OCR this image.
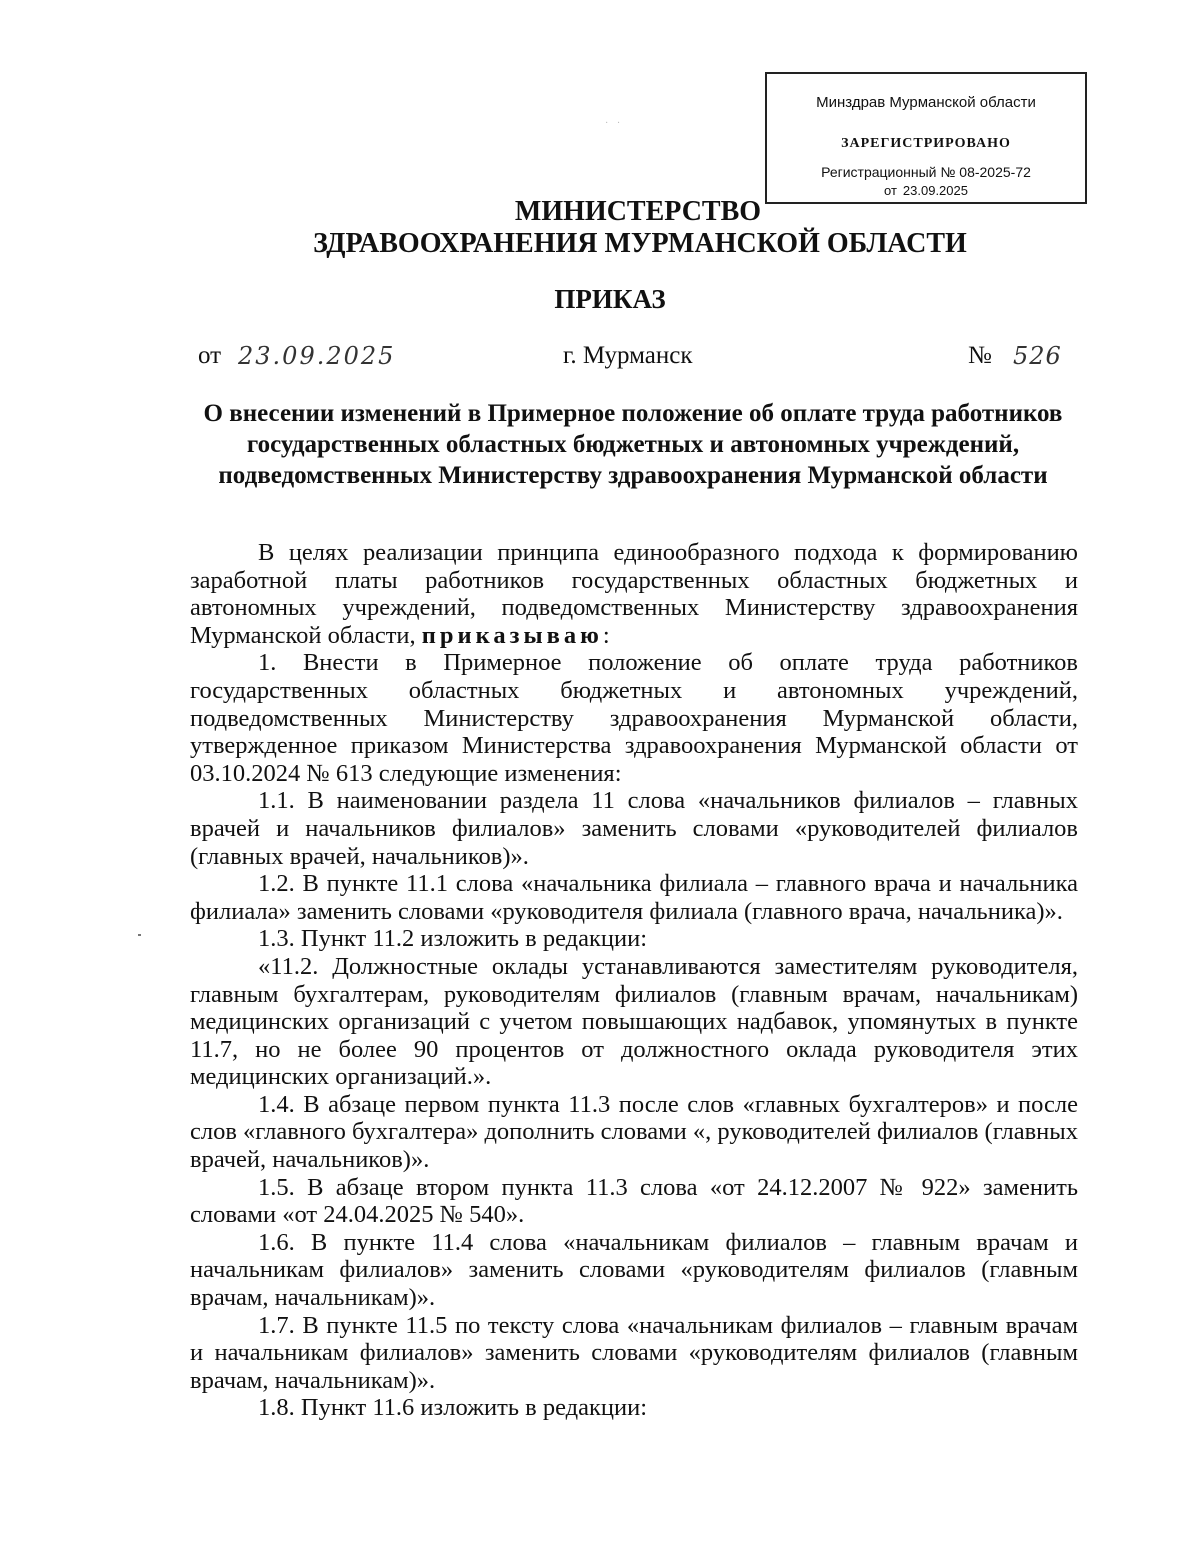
Минздрав Мурманской области
ЗАРЕГИСТРИРОВАНО
Регистрационный № 08-2025-72
от 23.09.2025
· ·
МИНИСТЕРСТВО
ЗДРАВООХРАНЕНИЯ МУРМАНСКОЙ ОБЛАСТИ
ПРИКАЗ
от 23.09.2025	г. Мурманск	№ 526

О внесении изменений в Примерное положение об оплате труда работников государственных областных бюджетных и автономных учреждений, подведомственных Министерству здравоохранения Мурманской области

В целях реализации принципа единообразного подхода к формированию заработной платы работников государственных областных бюджетных и автономных учреждений, подведомственных Министерству здравоохранения Мурманской области, приказываю:

1. Внести в Примерное положение об оплате труда работников государственных областных бюджетных и автономных учреждений, подведомственных Министерству здравоохранения Мурманской области, утвержденное приказом Министерства здравоохранения Мурманской области от 03.10.2024 № 613 следующие изменения:

1.1. В наименовании раздела 11 слова «начальников филиалов – главных врачей и начальников филиалов» заменить словами «руководителей филиалов (главных врачей, начальников)».

1.2. В пункте 11.1 слова «начальника филиала – главного врача и начальника филиала» заменить словами «руководителя филиала (главного врача, начальника)».

1.3. Пункт 11.2 изложить в редакции:

«11.2. Должностные оклады устанавливаются заместителям руководителя, главным бухгалтерам, руководителям филиалов (главным врачам, начальникам) медицинских организаций с учетом повышающих надбавок, упомянутых в пункте 11.7, но не более 90 процентов от должностного оклада руководителя этих медицинских организаций.».

1.4. В абзаце первом пункта 11.3 после слов «главных бухгалтеров» и после слов «главного бухгалтера» дополнить словами «, руководителей филиалов (главных врачей, начальников)».

1.5. В абзаце втором пункта 11.3 слова «от 24.12.2007 № 922» заменить словами «от 24.04.2025 № 540».

1.6. В пункте 11.4 слова «начальникам филиалов – главным врачам и начальникам филиалов» заменить словами «руководителям филиалов (главным врачам, начальникам)».

1.7. В пункте 11.5 по тексту слова «начальникам филиалов – главным врачам и начальникам филиалов» заменить словами «руководителям филиалов (главным врачам, начальникам)».

1.8. Пункт 11.6 изложить в редакции:
